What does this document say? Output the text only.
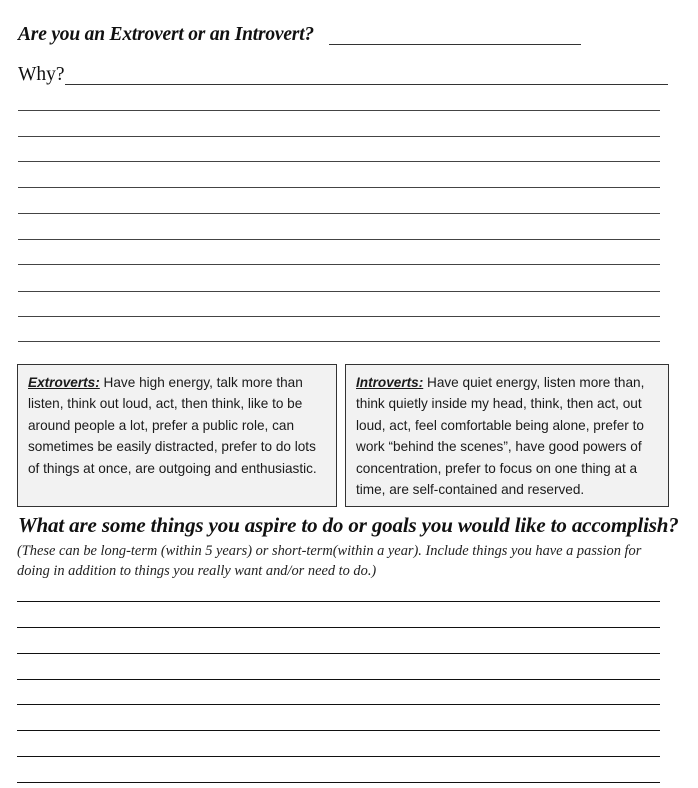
Are you an Extrovert or an Introvert?
Why?
Extroverts: Have high energy, talk more than listen, think out loud, act, then think, like to be around people a lot, prefer a public role, can sometimes be easily distracted, prefer to do lots of things at once, are outgoing and enthusiastic.
Introverts: Have quiet energy, listen more than, think quietly inside my head, think, then act, out loud, act, feel comfortable being alone, prefer to work “behind the scenes”, have good powers of concentration, prefer to focus on one thing at a time, are self-contained and reserved.
What are some things you aspire to do or goals you would like to accomplish?
(These can be long-term (within 5 years) or short-term(within a year). Include things you have a passion for doing in addition to things you really want and/or need to do.)
